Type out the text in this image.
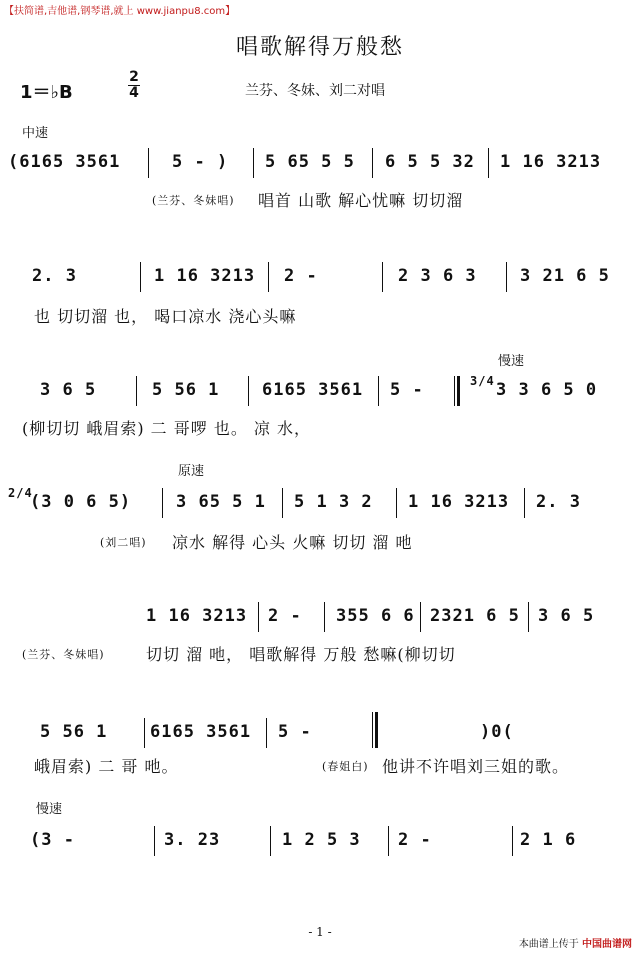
【扶简谱,吉他谱,钢琴谱,就上 www.jianpu8.com】
唱歌解得万般愁
1＝♭B
2
4	兰芬、冬妹、刘二对唱
中速
(6165 3561	5 - ) 5 65 5 5 6 5 5 32 1 16 3213
(兰芬、冬妹唱) 唱首 山歌 解心忧嘛 切切溜
2. 3	1 16 3213 2 -	2 3 6 3	3 21 6 5
也 切切溜 也， 喝口凉水 浇心头嘛
慢速
3 6 5	5 56 1	6165 3561 5 -	3/4 3 3 6 5 0
(柳切切 峨眉索) 二 哥啰 也。 凉 水，
原速
2/4
(3 0 6 5)	3 65 5 1 5 1 3 2 1 16 3213 2. 3
(刘二唱) 凉水 解得 心头 火嘛 切切 溜 吔
1 16 3213 2 - 355 6 6 2321 6 5 3 6 5
(兰芬、冬妹唱)	切切 溜 吔， 唱歌解得 万般 愁嘛(柳切切
5 56 1	6165 3561 5 -	)0(
峨眉索) 二 哥 吔。	(春姐白) 他讲不许唱刘三姐的歌。
慢速
(3 -	3. 23	1 2 5 3 2 -	2 1 6
- 1 -
本曲谱上传于 中国曲谱网
